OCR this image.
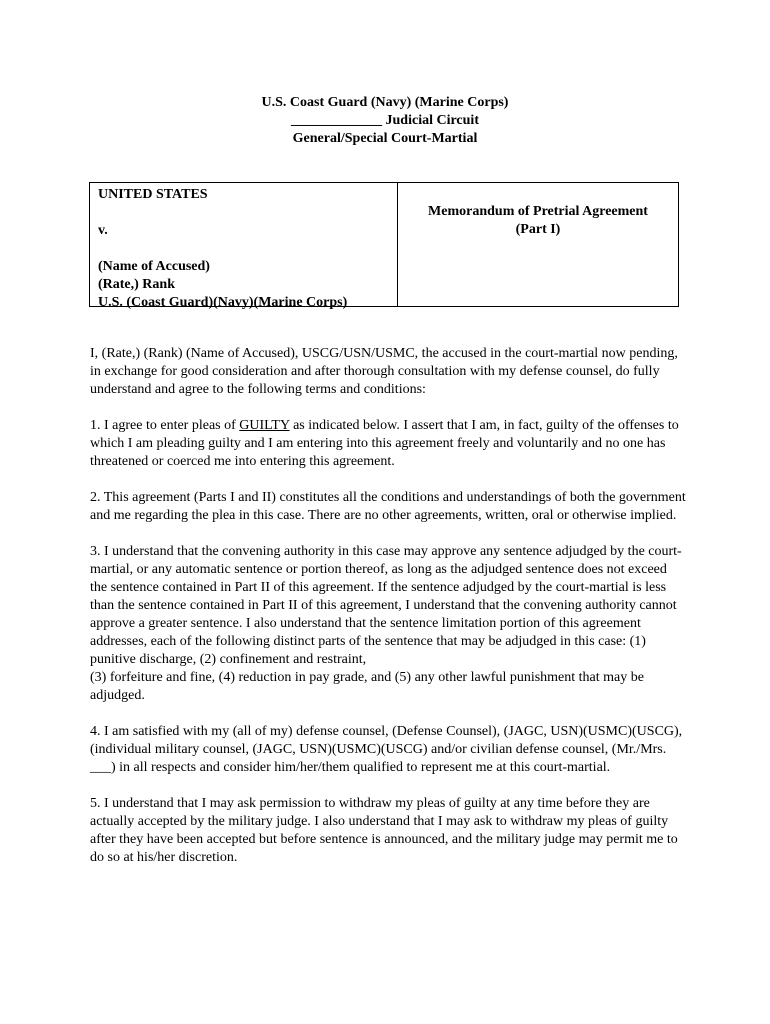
U.S. Coast Guard (Navy) (Marine Corps)
_____________ Judicial Circuit
General/Special Court-Martial
UNITED STATES
v.
(Name of Accused)
(Rate,) Rank
U.S. (Coast Guard)(Navy)(Marine Corps)
Memorandum of Pretrial Agreement
(Part I)

I, (Rate,) (Rank) (Name of Accused), USCG/USN/USMC, the accused in the court-martial now pending, in exchange for good consideration and after thorough consultation with my defense counsel, do fully understand and agree to the following terms and conditions:

1. I agree to enter pleas of GUILTY as indicated below. I assert that I am, in fact, guilty of the offenses to which I am pleading guilty and I am entering into this agreement freely and voluntarily and no one has threatened or coerced me into entering this agreement.

2. This agreement (Parts I and II) constitutes all the conditions and understandings of both the government and me regarding the plea in this case. There are no other agreements, written, oral or otherwise implied.

3. I understand that the convening authority in this case may approve any sentence adjudged by the court-martial, or any automatic sentence or portion thereof, as long as the adjudged sentence does not exceed the sentence contained in Part II of this agreement. If the sentence adjudged by the court-martial is less than the sentence contained in Part II of this agreement, I understand that the convening authority cannot approve a greater sentence. I also understand that the sentence limitation portion of this agreement addresses, each of the following distinct parts of the sentence that may be adjudged in this case: (1) punitive discharge, (2) confinement and restraint,
(3) forfeiture and fine, (4) reduction in pay grade, and (5) any other lawful punishment that may be adjudged.

4. I am satisfied with my (all of my) defense counsel, (Defense Counsel), (JAGC, USN)(USMC)(USCG), (individual military counsel, (JAGC, USN)(USMC)(USCG) and/or civilian defense counsel, (Mr./Mrs. ___) in all respects and consider him/her/them qualified to represent me at this court-martial.

5. I understand that I may ask permission to withdraw my pleas of guilty at any time before they are actually accepted by the military judge. I also understand that I may ask to withdraw my pleas of guilty after they have been accepted but before sentence is announced, and the military judge may permit me to do so at his/her discretion.
